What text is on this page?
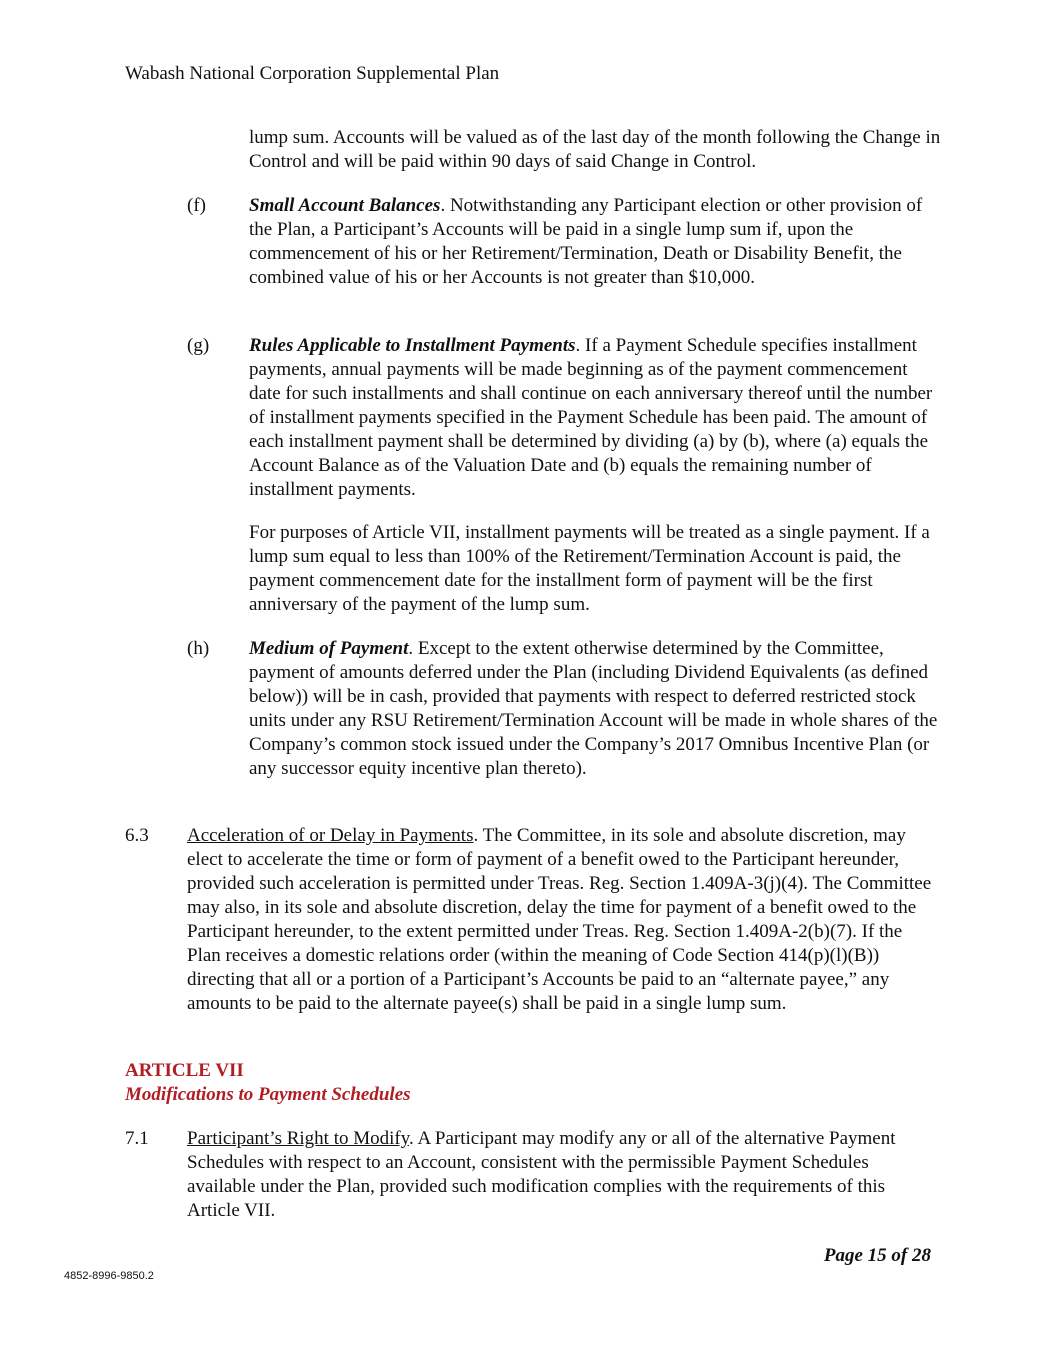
Wabash National Corporation Supplemental Plan
lump sum. Accounts will be valued as of the last day of the month following the Change in Control and will be paid within 90 days of said Change in Control.
(f) Small Account Balances. Notwithstanding any Participant election or other provision of the Plan, a Participant’s Accounts will be paid in a single lump sum if, upon the commencement of his or her Retirement/Termination, Death or Disability Benefit, the combined value of his or her Accounts is not greater than $10,000.
(g) Rules Applicable to Installment Payments. If a Payment Schedule specifies installment payments, annual payments will be made beginning as of the payment commencement date for such installments and shall continue on each anniversary thereof until the number of installment payments specified in the Payment Schedule has been paid. The amount of each installment payment shall be determined by dividing (a) by (b), where (a) equals the Account Balance as of the Valuation Date and (b) equals the remaining number of installment payments.
For purposes of Article VII, installment payments will be treated as a single payment. If a lump sum equal to less than 100% of the Retirement/Termination Account is paid, the payment commencement date for the installment form of payment will be the first anniversary of the payment of the lump sum.
(h) Medium of Payment. Except to the extent otherwise determined by the Committee, payment of amounts deferred under the Plan (including Dividend Equivalents (as defined below)) will be in cash, provided that payments with respect to deferred restricted stock units under any RSU Retirement/Termination Account will be made in whole shares of the Company’s common stock issued under the Company’s 2017 Omnibus Incentive Plan (or any successor equity incentive plan thereto).
6.3 Acceleration of or Delay in Payments. The Committee, in its sole and absolute discretion, may elect to accelerate the time or form of payment of a benefit owed to the Participant hereunder, provided such acceleration is permitted under Treas. Reg. Section 1.409A-3(j)(4). The Committee may also, in its sole and absolute discretion, delay the time for payment of a benefit owed to the Participant hereunder, to the extent permitted under Treas. Reg. Section 1.409A-2(b)(7). If the Plan receives a domestic relations order (within the meaning of Code Section 414(p)(l)(B)) directing that all or a portion of a Participant’s Accounts be paid to an “alternate payee,” any amounts to be paid to the alternate payee(s) shall be paid in a single lump sum.
ARTICLE VII
Modifications to Payment Schedules
7.1 Participant’s Right to Modify. A Participant may modify any or all of the alternative Payment Schedules with respect to an Account, consistent with the permissible Payment Schedules available under the Plan, provided such modification complies with the requirements of this Article VII.
Page 15 of 28
4852-8996-9850.2
